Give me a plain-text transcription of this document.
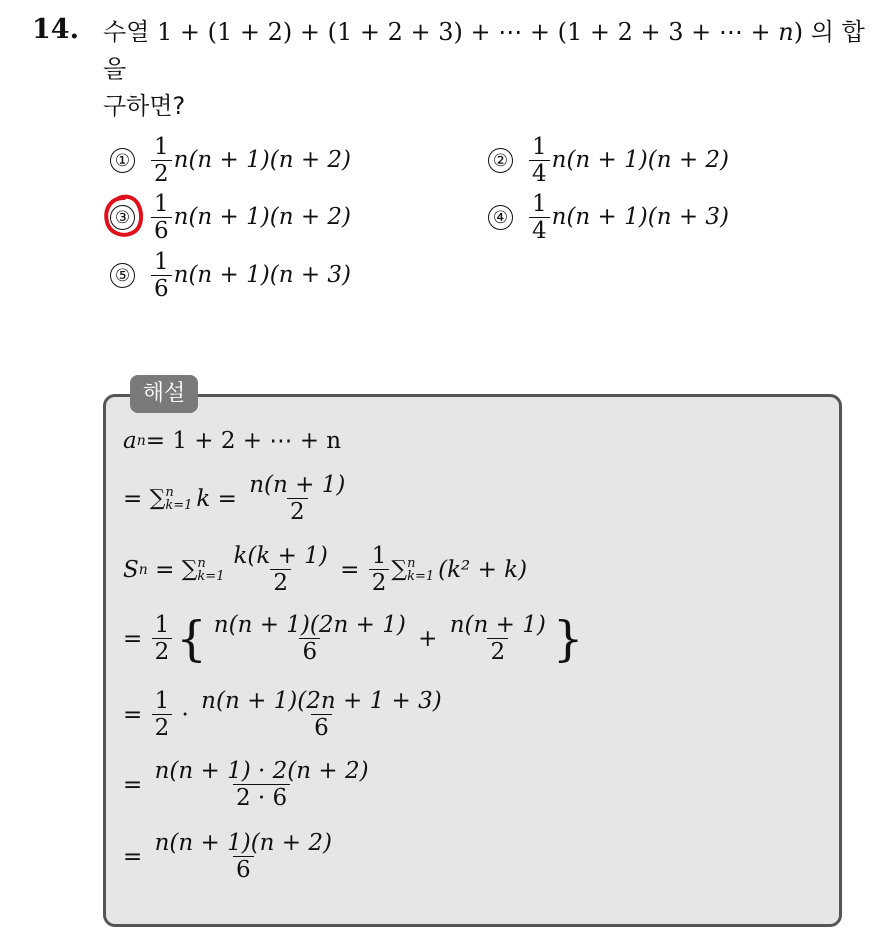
14. 수열 1 + (1 + 2) + (1 + 2 + 3) + ⋯ + (1 + 2 + 3 + ⋯ + n) 의 합을
구하면?
① $\frac{1}{2} n(n + 1)(n + 2)$	② $\frac{1}{4} n(n + 1)(n + 2)$
③ $\frac{1}{6} n(n + 1)(n + 2)$	④ $\frac{1}{4} n(n + 1)(n + 3)$
⑤ $\frac{1}{6} n(n + 1)(n + 3)$
해설
a n = 1 + 2 + ⋯ + n
=
∑ n
k=1 k =
$\frac{n(n + 1)}{2}$
S n
=
∑ n
$k=1 \frac{k(k + 1)}{2}$
=
$\frac{1}{2}$ ∑ n
k=1 (k² + k)
=
$\frac{1}{2}$ { $\frac{n(n + 1)(2n + 1)}{6}$
+
$\frac{n(n + 1)}{2}$ }
=
$\frac{1}{2}$
·
$\frac{n(n + 1)(2n + 1 + 3)}{6}$
=
$\frac{n(n + 1) \cdot 2(n + 2)}{2 \cdot 6}$
=
$\frac{n(n + 1)(n + 2)}{6}$
